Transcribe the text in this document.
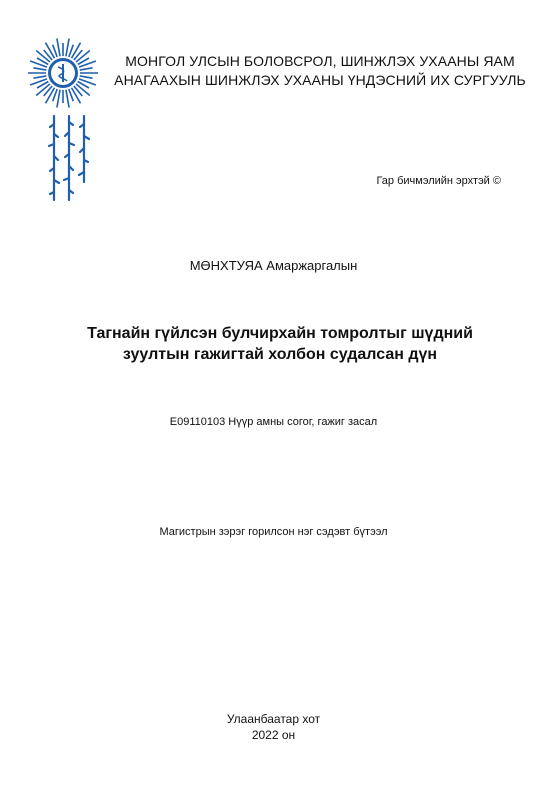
МОНГОЛ УЛСЫН БОЛОВСРОЛ, ШИНЖЛЭХ УХААНЫ ЯАМ
АНАГААХЫН ШИНЖЛЭХ УХААНЫ ҮНДЭСНИЙ ИХ СУРГУУЛЬ
Гар бичмэлийн эрхтэй ©
МӨНХТУЯА Амаржаргалын
Тагнайн гүйлсэн булчирхайн томролтыг шүдний
зуултын гажигтай холбон судалсан дүн
E09110103 Нүүр амны согог, гажиг засал
Магистрын зэрэг горилсон нэг сэдэвт бүтээл
Улаанбаатар хот
2022 он
